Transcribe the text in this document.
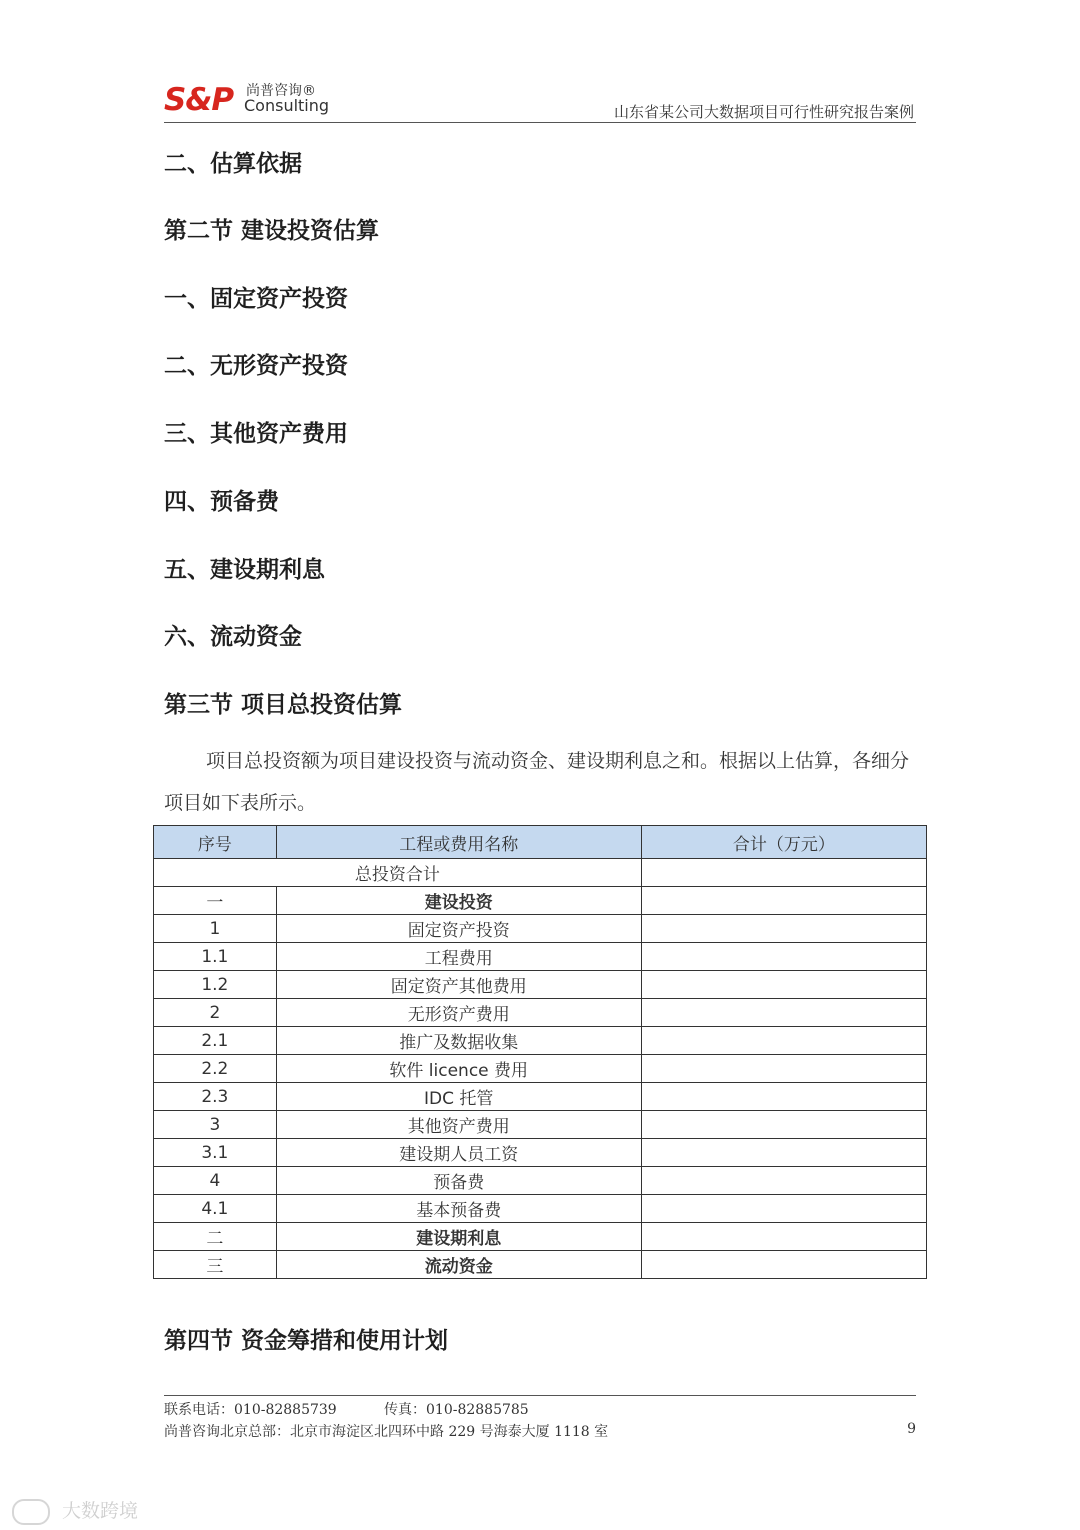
S&P 尚普咨询®
Consulting	山东省某公司大数据项目可行性研究报告案例
二、估算依据
第二节 建设投资估算
一、固定资产投资
二、无形资产投资
三、其他资产费用
四、预备费
五、建设期利息
六、流动资金
第三节 项目总投资估算
项目总投资额为项目建设投资与流动资金、建设期利息之和。根据以上估算，各细分项目如下表所示。
序号	工程或费用名称	合计（万元）
总投资合计		
一	建设投资	
1	固定资产投资	
1.1	工程费用	
1.2	固定资产其他费用	
2	无形资产费用	
2.1	推广及数据收集	
2.2	软件 licence 费用	
2.3	IDC 托管	
3	其他资产费用	
3.1	建设期人员工资	
4	预备费	
4.1	基本预备费	
二	建设期利息	
三	流动资金	
第四节 资金筹措和使用计划
联系电话：010-82885739	传真：010-82885785
尚普咨询北京总部：北京市海淀区北四环中路 229 号海泰大厦 1118 室	9
大数跨境
